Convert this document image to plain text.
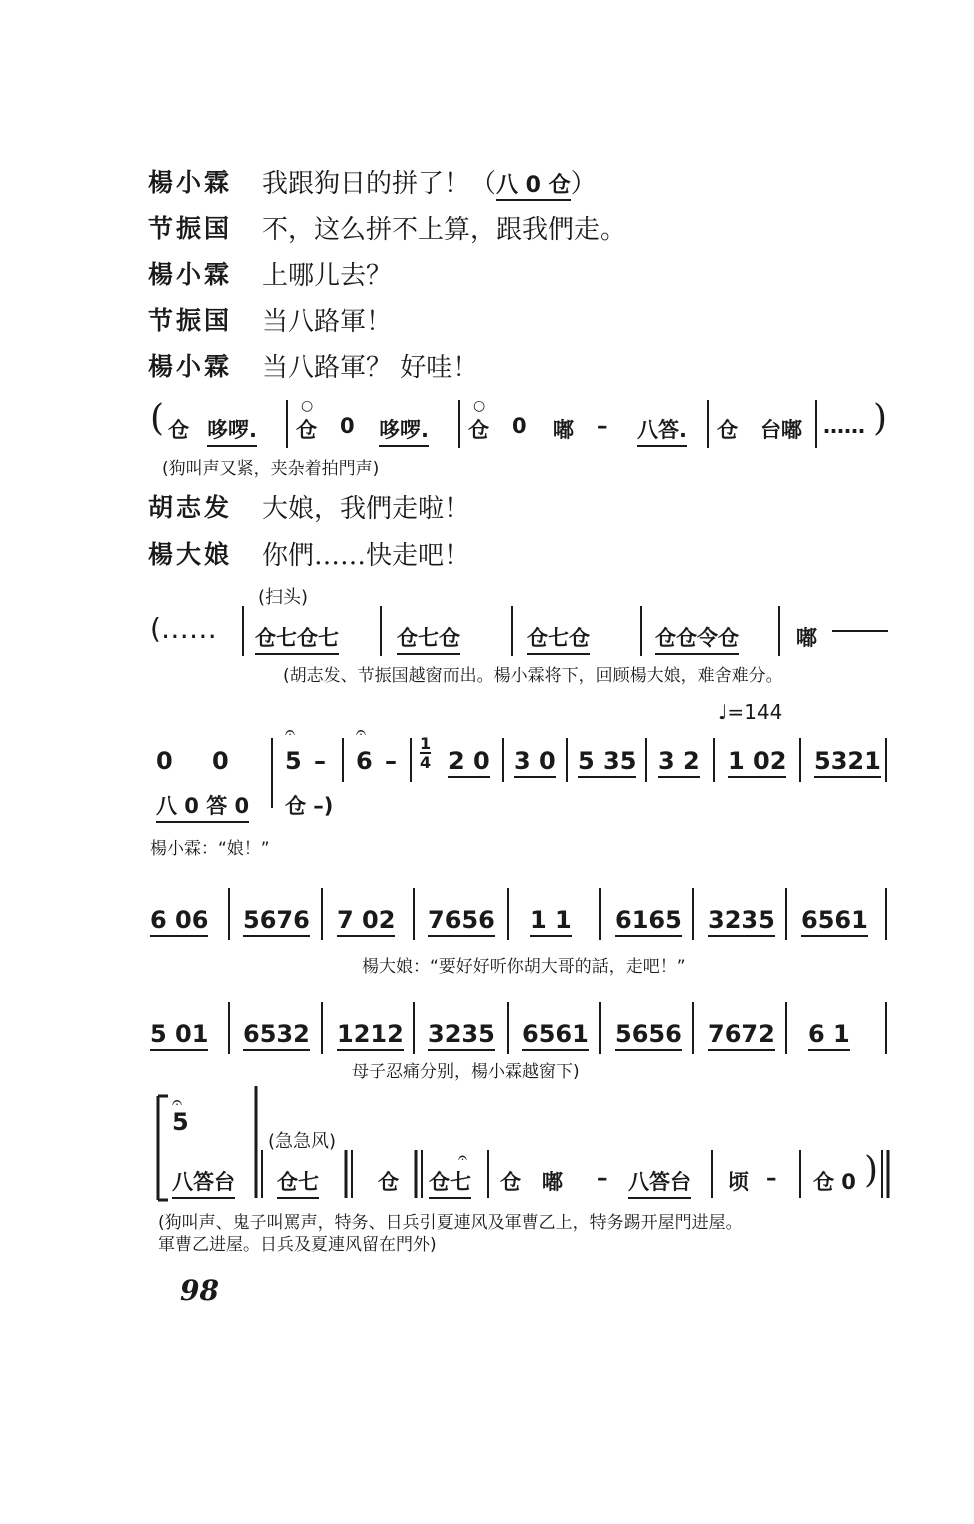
楊小霖 我跟狗日的拼了！（八 0 仓）
节振国 不，这么拼不上算，跟我們走。
楊小霖 上哪儿去？
节振国 当八路軍！
楊小霖 当八路軍？ 好哇！
( 仓 哆啰. 仓 0 哆啰. 仓 0 嘟 – 八答. 仓 台嘟 …… )
○	○
(狗叫声又紧，夹杂着拍門声)
胡志发 大娘，我們走啦！
楊大娘 你們……快走吧！
(扫头)
(…… 仓七仓七	仓七仓	仓七仓	仓仓令仓	嘟
(胡志发、节振国越窗而出。楊小霖将下，回顾楊大娘，难舍难分。
♩=144
0 0
𝄐
5 –
𝄐
6 –
1
4 2 0 3 0 5 35 3 2 1 02 5321
八 0 答 0 仓 –)
楊小霖：“娘！”
6 06 5676 7 02 7656 1 1 6165 3235 6561
楊大娘：“要好好听你胡大哥的話，走吧！”
5 01 6532 1212 3235 6561 5656 7672 6 1
母子忍痛分别，楊小霖越窗下)
𝄐
5
(急急风)
八答台 仓七	仓
𝄐
仓七 仓 嘟 – 八答台 顷 – 仓 0 )
(狗叫声、鬼子叫罵声，特务、日兵引夏連风及軍曹乙上，特务踢开屋門进屋。
軍曹乙进屋。日兵及夏連风留在門外)
98
